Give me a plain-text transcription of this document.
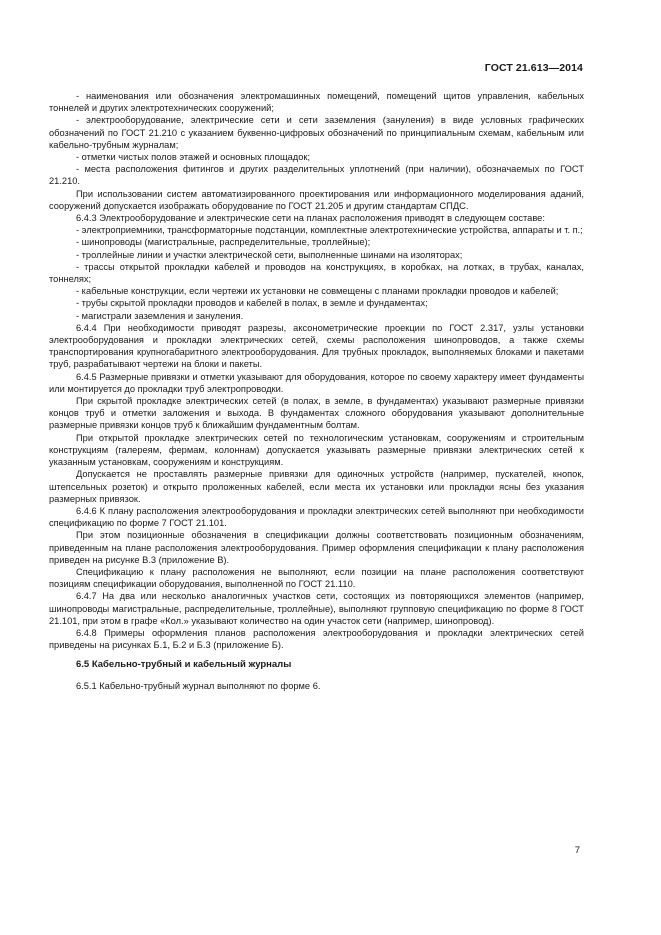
ГОСТ 21.613—2014

- наименования или обозначения электромашинных помещений, помещений щитов управления, кабельных тоннелей и других электротехнических сооружений;

- электрооборудование, электрические сети и сети заземления (зануления) в виде условных графических обозначений по ГОСТ 21.210 с указанием буквенно-цифровых обозначений по принципиальным схемам, кабельным или кабельно-трубным журналам;

- отметки чистых полов этажей и основных площадок;

- места расположения фитингов и других разделительных уплотнений (при наличии), обозначаемых по ГОСТ 21.210.

При использовании систем автоматизированного проектирования или информационного моделирования аданий, сооружений допускается изображать оборудование по ГОСТ 21.205 и другим стандартам СПДС.

6.4.3 Электрооборудование и электрические сети на планах расположения приводят в следующем составе:

- электроприемники, трансформаторные подстанции, комплектные электротехнические устройства, аппараты и т. п.;

- шинопроводы (магистральные, распределительные, троллейные);

- троллейные линии и участки электрической сети, выполненные шинами на изоляторах;

- трассы открытой прокладки кабелей и проводов на конструкциях, в коробках, на лотках, в трубах, каналах, тоннелях;

- кабельные конструкции, если чертежи их установки не совмещены с планами прокладки проводов и кабелей;

- трубы скрытой прокладки проводов и кабелей в полах, в земле и фундаментах;

- магистрали заземления и зануления.

6.4.4 При необходимости приводят разрезы, аксонометрические проекции по ГОСТ 2.317, узлы установки электрооборудования и прокладки электрических сетей, схемы расположения шинопроводов, а также схемы транспортирования крупногабаритного электрооборудования. Для трубных прокладок, выполняемых блоками и пакетами труб, разрабатывают чертежи на блоки и пакеты.

6.4.5 Размерные привязки и отметки указывают для оборудования, которое по своему характеру имеет фундаменты или монтируется до прокладки труб электропроводки.

При скрытой прокладке электрических сетей (в полах, в земле, в фундаментах) указывают размерные привязки концов труб и отметки заложения и выхода. В фундаментах сложного оборудования указывают дополнительные размерные привязки концов труб к ближайшим фундаментным болтам.

При открытой прокладке электрических сетей по технологическим установкам, сооружениям и строительным конструкциям (галереям, фермам, колоннам) допускается указывать размерные привязки электрических сетей к указанным установкам, сооружениям и конструкциям.

Допускается не проставлять размерные привязки для одиночных устройств (например, пускателей, кнопок, штепсельных розеток) и открыто проложенных кабелей, если места их установки или прокладки ясны без указания размерных привязок.

6.4.6 К плану расположения электрооборудования и прокладки электрических сетей выполняют при необходимости спецификацию по форме 7 ГОСТ 21.101.

При этом позиционные обозначения в спецификации должны соответствовать позиционным обозначениям, приведенным на плане расположения электрооборудования. Пример оформления спецификации к плану расположения приведен на рисунке В.3 (приложение В).

Спецификацию к плану расположения не выполняют, если позиции на плане расположения соответствуют позициям спецификации оборудования, выполненной по ГОСТ 21.110.

6.4.7 На два или несколько аналогичных участков сети, состоящих из повторяющихся элементов (например, шинопроводы магистральные, распределительные, троллейные), выполняют групповую спецификацию по форме 8 ГОСТ 21.101, при этом в графе «Кол.» указывают количество на один участок сети (например, шинопровод).

6.4.8 Примеры оформления планов расположения электрооборудования и прокладки электрических сетей приведены на рисунках Б.1, Б.2 и Б.3 (приложение Б).

6.5 Кабельно-трубный и кабельный журналы

6.5.1 Кабельно-трубный журнал выполняют по форме 6.

7
